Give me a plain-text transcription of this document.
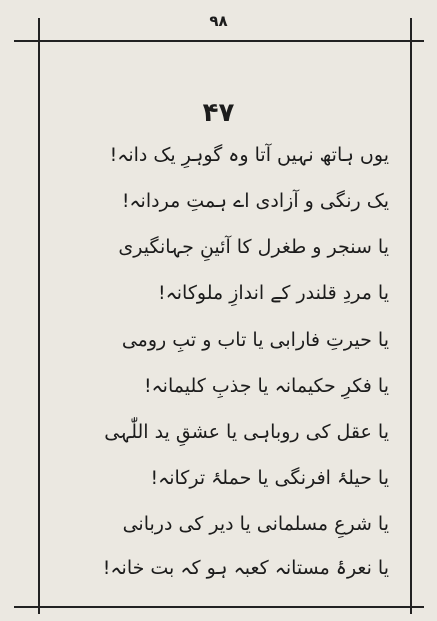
۹۸
۴۷
یوں ہاتھ نہیں آتا وہ گوہرِ یک دانہ!
یک رنگی و آزادی اے ہمتِ مردانہ!
یا سنجر و طغرل کا آئینِ جہانگیری
یا مردِ قلندر کے اندازِ ملوکانہ!
یا حیرتِ فارابی یا تاب و تبِ رومی
یا فکرِ حکیمانہ یا جذبِ کلیمانہ!
یا عقل کی روباہی یا عشقِ ید اللّٰہی
یا حیلۂ افرنگی یا حملۂ ترکانہ!
یا شرعِ مسلمانی یا دیر کی دربانی
یا نعرۂ مستانہ کعبہ ہو کہ بت خانہ!
